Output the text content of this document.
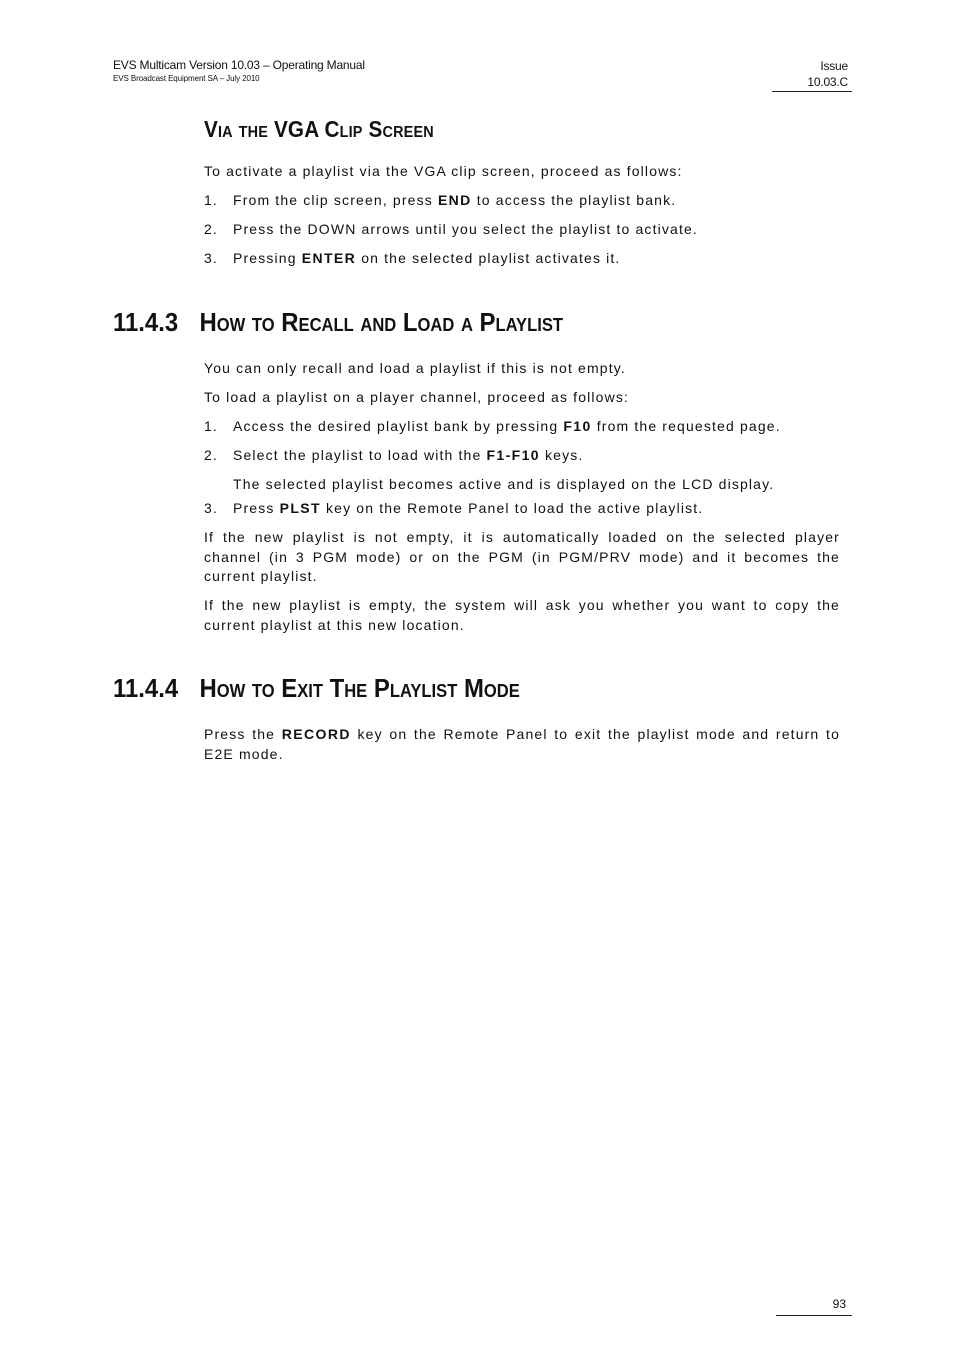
EVS Multicam Version 10.03 – Operating Manual
EVS Broadcast Equipment SA – July 2010
Issue
10.03.C
Via the VGA Clip Screen

To activate a playlist via the VGA clip screen, proceed as follows:

1. From the clip screen, press END to access the playlist bank.

2. Press the DOWN arrows until you select the playlist to activate.

3. Pressing ENTER on the selected playlist activates it.

11.4.3 How to Recall and Load a Playlist

You can only recall and load a playlist if this is not empty.

To load a playlist on a player channel, proceed as follows:

1. Access the desired playlist bank by pressing F10 from the requested page.

2. Select the playlist to load with the F1-F10 keys.

The selected playlist becomes active and is displayed on the LCD display.

3. Press PLST key on the Remote Panel to load the active playlist.

If the new playlist is not empty, it is automatically loaded on the selected player channel (in 3 PGM mode) or on the PGM (in PGM/PRV mode) and it becomes the current playlist.

If the new playlist is empty, the system will ask you whether you want to copy the current playlist at this new location.

11.4.4 How to Exit The Playlist Mode

Press the RECORD key on the Remote Panel to exit the playlist mode and return to E2E mode.

93
